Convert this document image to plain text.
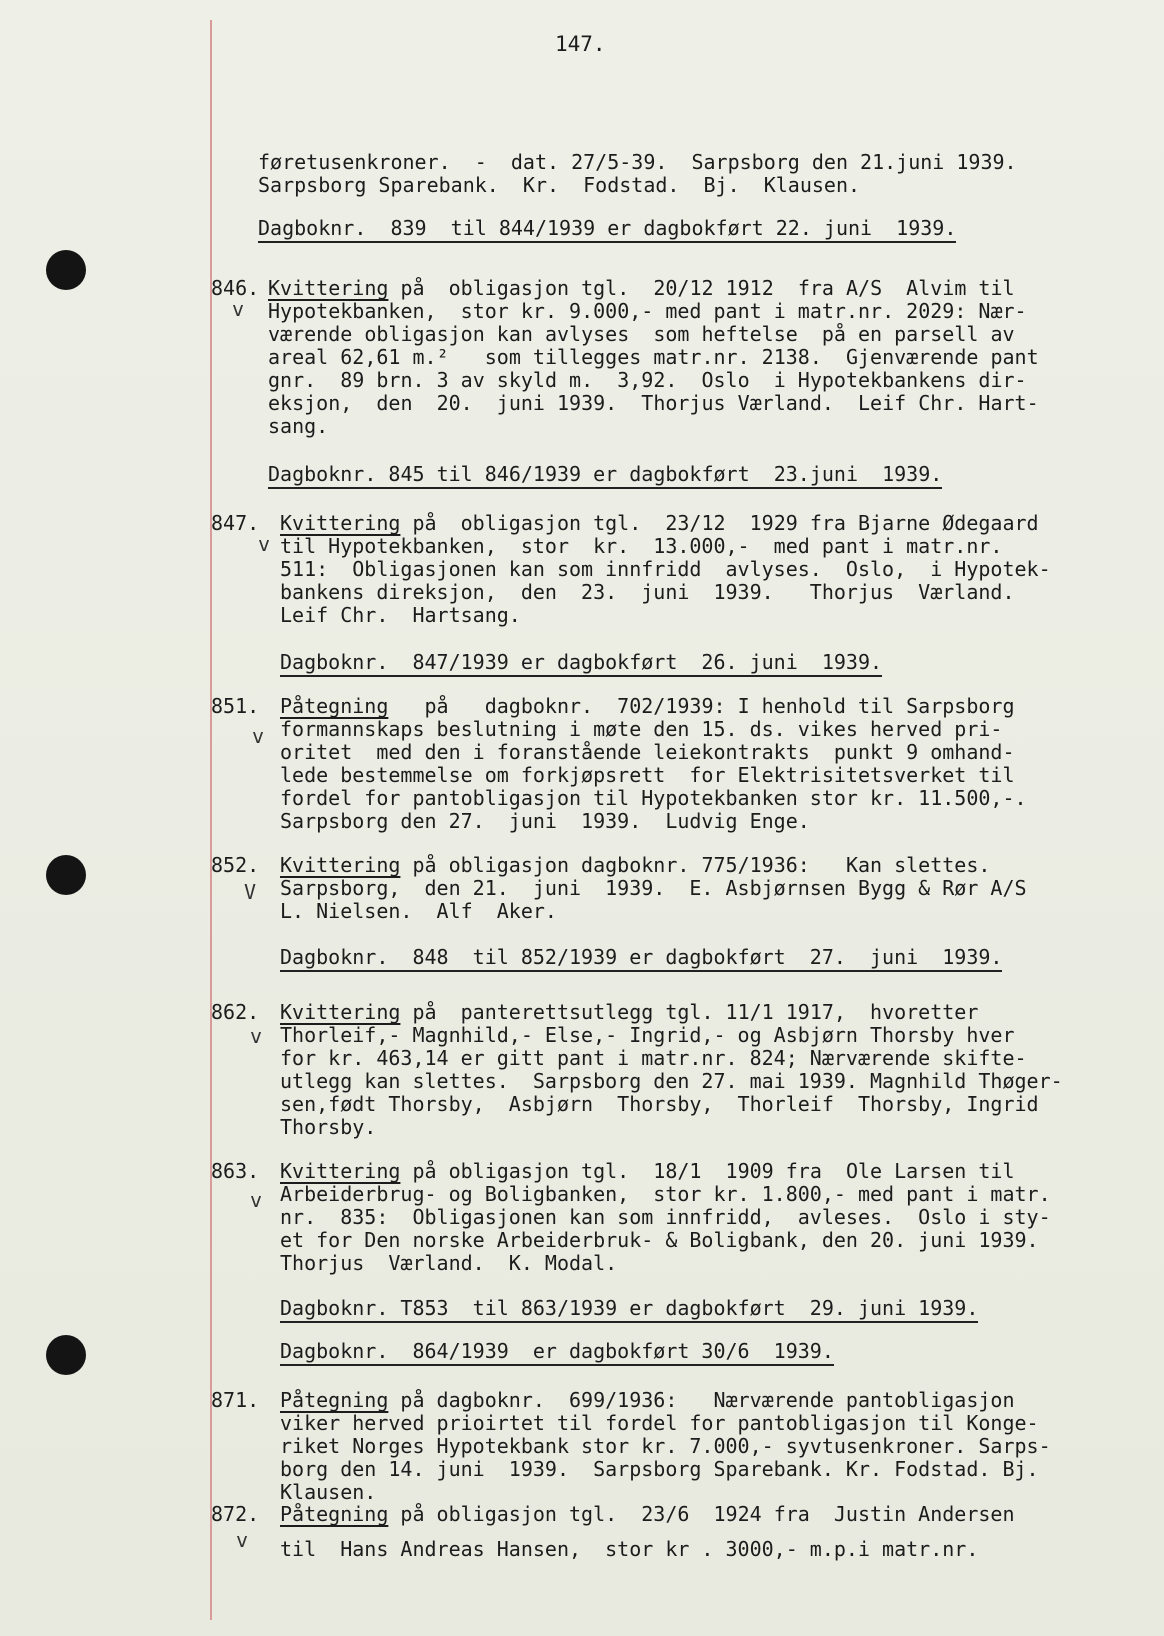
147.
føretusenkroner.  -  dat. 27/5-39.  Sarpsborg den 21.juni 1939.
Sarpsborg Sparebank.  Kr.  Fodstad.  Bj.  Klausen.
Dagboknr.  839  til 844/1939 er dagbokført 22. juni  1939.
846.
v
Kvittering på  obligasjon tgl.  20/12 1912  fra A/S  Alvim til
Hypotekbanken,  stor kr. 9.000,- med pant i matr.nr. 2029: Nær-
værende obligasjon kan avlyses  som heftelse  på en parsell av
areal 62,61 m.²   som tillegges matr.nr. 2138.  Gjenværende pant
gnr.  89 brn. 3 av skyld m.  3,92.  Oslo  i Hypotekbankens dir-
eksjon,  den  20.  juni 1939.  Thorjus Værland.  Leif Chr. Hart-
sang.
Dagboknr. 845 til 846/1939 er dagbokført  23.juni  1939.
847.
v
Kvittering på  obligasjon tgl.  23/12  1929 fra Bjarne Ødegaard
til Hypotekbanken,  stor  kr.  13.000,-  med pant i matr.nr.
511:  Obligasjonen kan som innfridd  avlyses.  Oslo,  i Hypotek-
bankens direksjon,  den  23.  juni  1939.   Thorjus  Værland.
Leif Chr.  Hartsang.
Dagboknr.  847/1939 er dagbokført  26. juni  1939.
851.
v
Påtegning   på   dagboknr.  702/1939: I henhold til Sarpsborg
formannskaps beslutning i møte den 15. ds. vikes herved pri-
oritet  med den i foranstående leiekontrakts  punkt 9 omhand-
lede bestemmelse om forkjøpsrett  for Elektrisitetsverket til
fordel for pantobligasjon til Hypotekbanken stor kr. 11.500,-.
Sarpsborg den 27.  juni  1939.  Ludvig Enge.
852.
V
Kvittering på obligasjon dagboknr. 775/1936:   Kan slettes.
Sarpsborg,  den 21.  juni  1939.  E. Asbjørnsen Bygg & Rør A/S
L. Nielsen.  Alf  Aker.
Dagboknr.  848  til 852/1939 er dagbokført  27.  juni  1939.
862.
v
Kvittering på  panterettsutlegg tgl. 11/1 1917,  hvoretter
Thorleif,- Magnhild,- Else,- Ingrid,- og Asbjørn Thorsby hver
for kr. 463,14 er gitt pant i matr.nr. 824; Nærværende skifte-
utlegg kan slettes.  Sarpsborg den 27. mai 1939. Magnhild Thøger-
sen,født Thorsby,  Asbjørn  Thorsby,  Thorleif  Thorsby, Ingrid
Thorsby.
863.
v
Kvittering på obligasjon tgl.  18/1  1909 fra  Ole Larsen til
Arbeiderbrug- og Boligbanken,  stor kr. 1.800,- med pant i matr.
nr.  835:  Obligasjonen kan som innfridd,  avleses.  Oslo i sty-
et for Den norske Arbeiderbruk- & Boligbank, den 20. juni 1939.
Thorjus  Værland.  K. Modal.
Dagboknr. T853  til 863/1939 er dagbokført  29. juni 1939.
Dagboknr.  864/1939  er dagbokført 30/6  1939.
871. Påtegning på dagboknr.  699/1936:   Nærværende pantobligasjon
viker herved prioirtet til fordel for pantobligasjon til Konge-
riket Norges Hypotekbank stor kr. 7.000,- syvtusenkroner. Sarps-
borg den 14. juni  1939.  Sarpsborg Sparebank. Kr. Fodstad. Bj.
Klausen.
872.
v
Påtegning på obligasjon tgl.  23/6  1924 fra  Justin Andersen
til  Hans Andreas Hansen,  stor kr . 3000,- m.p.i matr.nr.
